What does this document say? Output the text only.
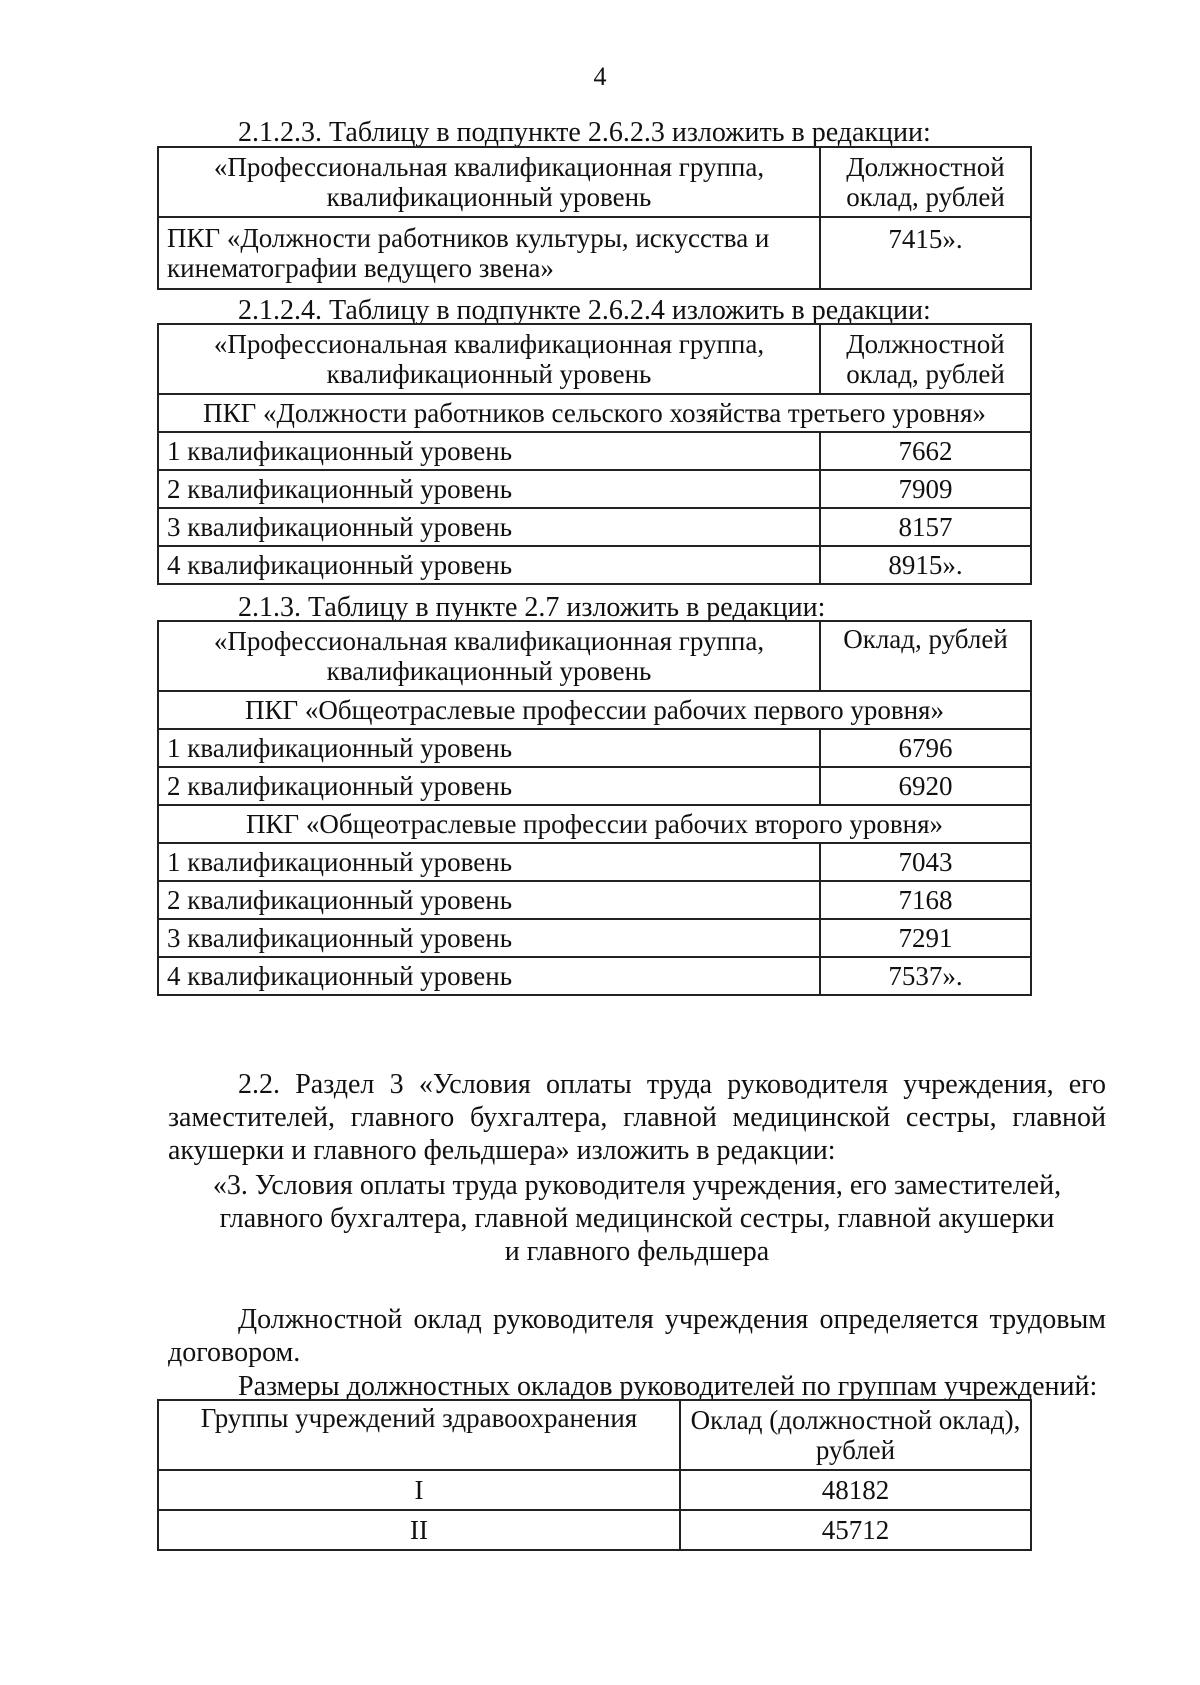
4
2.1.2.3. Таблицу в подпункте 2.6.2.3 изложить в редакции:
«Профессиональная квалификационная группа, квалификационный уровень	Должностной оклад, рублей
ПКГ «Должности работников культуры, искусства и кинематографии ведущего звена»	7415».
2.1.2.4. Таблицу в подпункте 2.6.2.4 изложить в редакции:
«Профессиональная квалификационная группа, квалификационный уровень	Должностной оклад, рублей
ПКГ «Должности работников сельского хозяйства третьего уровня»	
1 квалификационный уровень	7662
2 квалификационный уровень	7909
3 квалификационный уровень	8157
4 квалификационный уровень	8915».
2.1.3. Таблицу в пункте 2.7 изложить в редакции:
«Профессиональная квалификационная группа, квалификационный уровень	Оклад, рублей
ПКГ «Общеотраслевые профессии рабочих первого уровня»	
1 квалификационный уровень	6796
2 квалификационный уровень	6920
ПКГ «Общеотраслевые профессии рабочих второго уровня»	
1 квалификационный уровень	7043
2 квалификационный уровень	7168
3 квалификационный уровень	7291
4 квалификационный уровень	7537».
2.2. Раздел 3 «Условия оплаты труда руководителя учреждения, его заместителей, главного бухгалтера, главной медицинской сестры, главной акушерки и главного фельдшера» изложить в редакции:
«3. Условия оплаты труда руководителя учреждения, его заместителей,
главного бухгалтера, главной медицинской сестры, главной акушерки
и главного фельдшера
Должностной оклад руководителя учреждения определяется трудовым договором.
Размеры должностных окладов руководителей по группам учреждений:
Группы учреждений здравоохранения	Оклад (должностной оклад), рублей
I	48182
II	45712
